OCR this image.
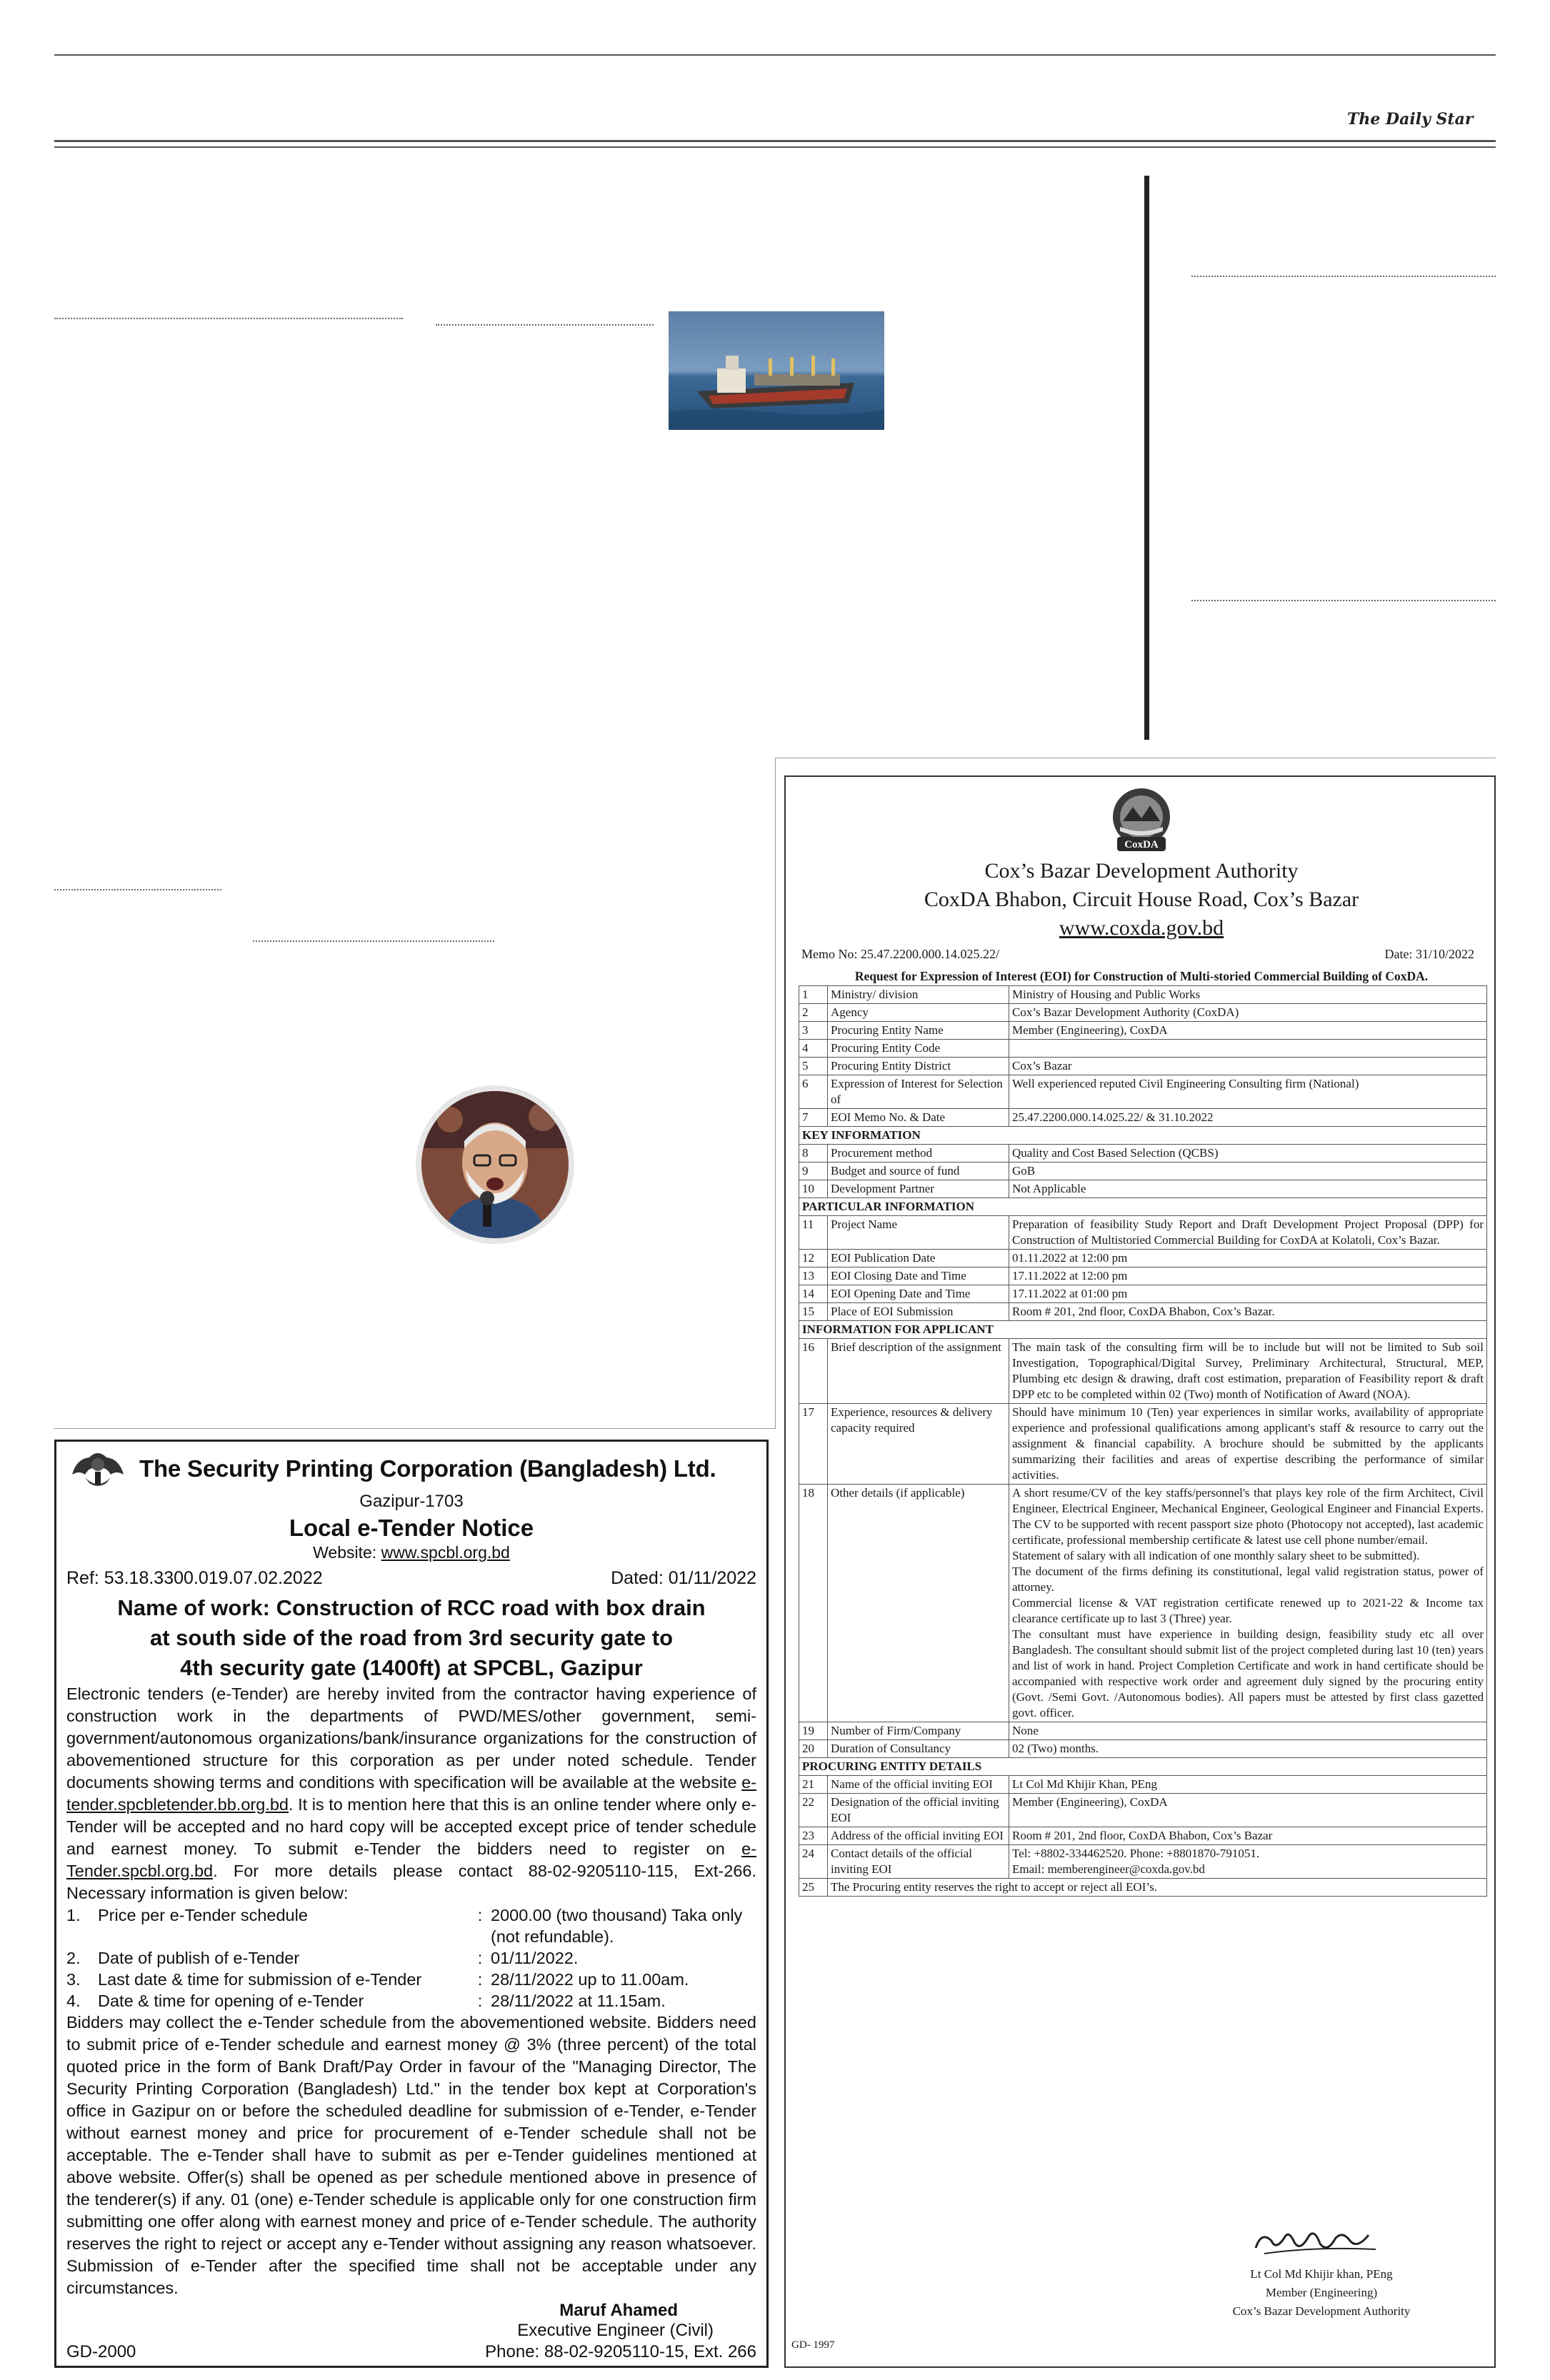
The Daily Star
The Security Printing Corporation (Bangladesh) Ltd.
Gazipur-1703
Local e-Tender Notice
Website: www.spcbl.org.bd
Ref: 53.18.3300.019.07.02.2022	Dated: 01/11/2022
Name of work: Construction of RCC road with box drain
at south side of the road from 3rd security gate to
4th security gate (1400ft) at SPCBL, Gazipur
Electronic tenders (e-Tender) are hereby invited from the contractor having experience of construction work in the departments of PWD/MES/other government, semi-government/autonomous organizations/bank/insurance organizations for the construction of abovementioned structure for this corporation as per under noted schedule. Tender documents showing terms and conditions with specification will be available at the website e-tender.spcbletender.bb.org.bd. It is to mention here that this is an online tender where only e-Tender will be accepted and no hard copy will be accepted except price of tender schedule and earnest money. To submit e-Tender the bidders need to register on e-Tender.spcbl.org.bd. For more details please contact 88-02-9205110-115, Ext-266. Necessary information is given below:
1.	Price per e-Tender schedule	:	2000.00 (two thousand) Taka only (not refundable).
2.	Date of publish of e-Tender	:	01/11/2022.
3.	Last date & time for submission of e-Tender	:	28/11/2022 up to 11.00am.
4.	Date & time for opening of e-Tender	:	28/11/2022 at 11.15am.
Bidders may collect the e-Tender schedule from the abovementioned website. Bidders need to submit price of e-Tender schedule and earnest money @ 3% (three percent) of the total quoted price in the form of Bank Draft/Pay Order in favour of the "Managing Director, The Security Printing Corporation (Bangladesh) Ltd." in the tender box kept at Corporation's office in Gazipur on or before the scheduled deadline for submission of e-Tender, e-Tender without earnest money and price for procurement of e-Tender schedule shall not be acceptable. The e-Tender shall have to submit as per e-Tender guidelines mentioned at above website. Offer(s) shall be opened as per schedule mentioned above in presence of the tenderer(s) if any. 01 (one) e-Tender schedule is applicable only for one construction firm submitting one offer along with earnest money and price of e-Tender schedule. The authority reserves the right to reject or accept any e-Tender without assigning any reason whatsoever. Submission of e-Tender after the specified time shall not be acceptable under any circumstances.
Maruf Ahamed
Executive Engineer (Civil)
GD-2000	Phone: 88-02-9205110-15, Ext. 266
CoxDA
Cox’s Bazar Development Authority
CoxDA Bhabon, Circuit House Road, Cox’s Bazar
www.coxda.gov.bd
Memo No: 25.47.2200.000.14.025.22/	Date: 31/10/2022
Request for Expression of Interest (EOI) for Construction of Multi-storied Commercial Building of CoxDA.
1	Ministry/ division	Ministry of Housing and Public Works
2	Agency	Cox’s Bazar Development Authority (CoxDA)
3	Procuring Entity Name	Member (Engineering), CoxDA
4	Procuring Entity Code	
5	Procuring Entity District	Cox’s Bazar
6	Expression of Interest for Selection of	Well experienced reputed Civil Engineering Consulting firm (National)
7	EOI Memo No. & Date	25.47.2200.000.14.025.22/ & 31.10.2022
KEY INFORMATION		
8	Procurement method	Quality and Cost Based Selection (QCBS)
9	Budget and source of fund	GoB
10	Development Partner	Not Applicable
PARTICULAR INFORMATION		
11	Project Name	Preparation of feasibility Study Report and Draft Development Project Proposal (DPP) for Construction of Multistoried Commercial Building for CoxDA at Kolatoli, Cox’s Bazar.
12	EOI Publication Date	01.11.2022 at 12:00 pm
13	EOI Closing Date and Time	17.11.2022 at 12:00 pm
14	EOI Opening Date and Time	17.11.2022 at 01:00 pm
15	Place of EOI Submission	Room # 201, 2nd floor, CoxDA Bhabon, Cox’s Bazar.
INFORMATION FOR APPLICANT		
16	Brief description of the assignment	The main task of the consulting firm will be to include but will not be limited to Sub soil Investigation, Topographical/Digital Survey, Preliminary Architectural, Structural, MEP, Plumbing etc design & drawing, draft cost estimation, preparation of Feasibility report & draft DPP etc to be completed within 02 (Two) month of Notification of Award (NOA).
17	Experience, resources & delivery capacity required	Should have minimum 10 (Ten) year experiences in similar works, availability of appropriate experience and professional qualifications among applicant's staff & resource to carry out the assignment & financial capability. A brochure should be submitted by the applicants summarizing their facilities and areas of expertise describing the performance of similar activities.
18	Other details (if applicable)	A short resume/CV of the key staffs/personnel's that plays key role of the firm Architect, Civil Engineer, Electrical Engineer, Mechanical Engineer, Geological Engineer and Financial Experts. The CV to be supported with recent passport size photo (Photocopy not accepted), last academic certificate, professional membership certificate & latest use cell phone number/email.
Statement of salary with all indication of one monthly salary sheet to be submitted).
The document of the firms defining its constitutional, legal valid registration status, power of attorney.
Commercial license & VAT registration certificate renewed up to 2021-22 & Income tax clearance certificate up to last 3 (Three) year.
The consultant must have experience in building design, feasibility study etc all over Bangladesh. The consultant should submit list of the project completed during last 10 (ten) years and list of work in hand. Project Completion Certificate and work in hand certificate should be accompanied with respective work order and agreement duly signed by the procuring entity (Govt. /Semi Govt. /Autonomous bodies). All papers must be attested by first class gazetted govt. officer.

19	Number of Firm/Company	None
20	Duration of Consultancy	02 (Two) months.
PROCURING ENTITY DETAILS		
21	Name of the official inviting EOI	Lt Col Md Khijir Khan, PEng
22	Designation of the official inviting EOI	Member (Engineering), CoxDA
23	Address of the official inviting EOI	Room # 201, 2nd floor, CoxDA Bhabon, Cox’s Bazar
24	Contact details of the official inviting EOI	Tel: +8802-334462520. Phone: +8801870-791051.
Email: memberengineer@coxda.gov.bd

25	The Procuring entity reserves the right to accept or reject all EOI’s.	
Lt Col Md Khijir khan, PEng
Member (Engineering)
Cox’s Bazar Development Authority
GD- 1997
